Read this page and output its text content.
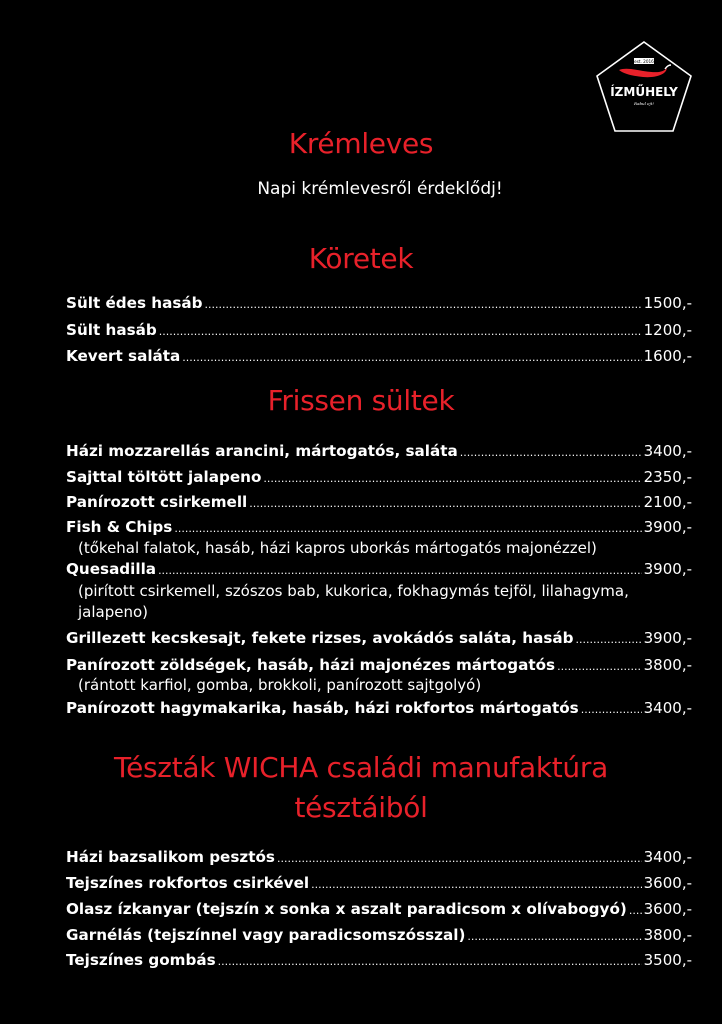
est. 2016
ÍZMŰHELY
Rabul ejt!
Krémleves
Napi krémlevesről érdeklődj!
Köretek
Sült édes hasáb .....	1500,-
Sült hasáb .....	1200,-
Kevert saláta .....	1600,-
Frissen sültek
Házi mozzarellás arancini, mártogatós, saláta .....	3400,-
Sajttal töltött jalapeno .....	2350,-
Panírozott csirkemell .....	2100,-
Fish & Chips .....	3900,-
(tőkehal falatok, hasáb, házi kapros uborkás mártogatós majonézzel)
Quesadilla .....	3900,-
(pirított csirkemell, szószos bab, kukorica, fokhagymás tejföl, lilahagyma,
jalapeno)
Grillezett kecskesajt, fekete rizses, avokádós saláta, hasáb .....	3900,-
Panírozott zöldségek, hasáb, házi majonézes mártogatós .....	3800,-
(rántott karfiol, gomba, brokkoli, panírozott sajtgolyó)
Panírozott hagymakarika, hasáb, házi rokfortos mártogatós .....	3400,-
Tészták WICHA családi manufaktúra
tésztáiból
Házi bazsalikom pesztós .....	3400,-
Tejszínes rokfortos csirkével .....	3600,-
Olasz ízkanyar (tejszín x sonka x aszalt paradicsom x olívabogyó) ..... 3600,-
Garnélás (tejszínnel vagy paradicsomszósszal) .....	3800,-
Tejszínes gombás .....	3500,-
